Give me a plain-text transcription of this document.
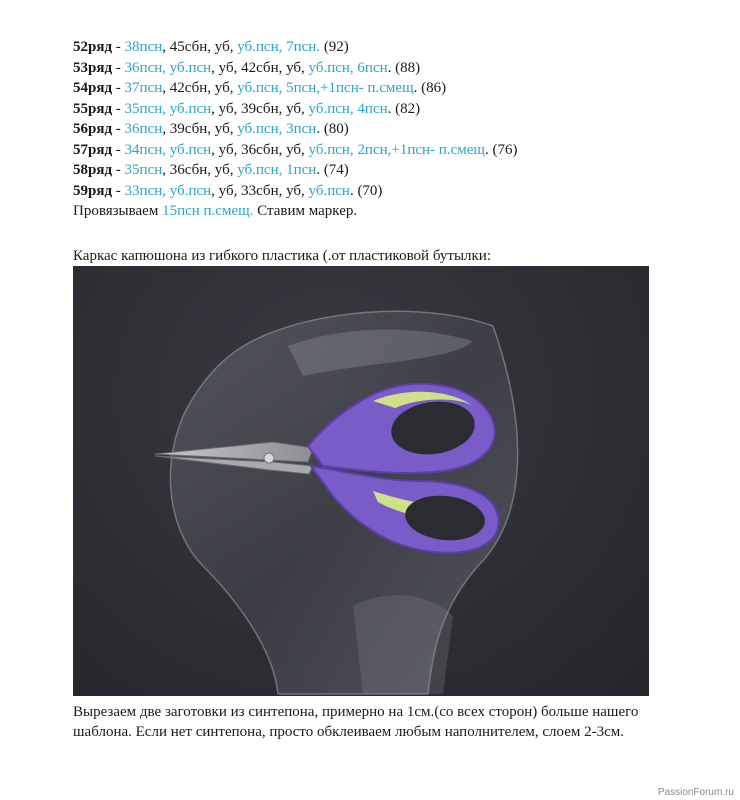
52ряд - 38псн, 45сбн, уб, уб.псн, 7псн. (92)
53ряд - 36псн, уб.псн, уб, 42сбн, уб, уб.псн, 6псн. (88)
54ряд - 37псн, 42сбн, уб, уб.псн, 5псн,+1псн- п.смещ. (86)
55ряд - 35псн, уб.псн, уб, 39сбн, уб, уб.псн, 4псн. (82)
56ряд - 36псн, 39сбн, уб, уб.псн, 3псн. (80)
57ряд - 34псн, уб.псн, уб, 36сбн, уб, уб.псн, 2псн,+1псн- п.смещ. (76)
58ряд - 35псн, 36сбн, уб, уб.псн, 1псн. (74)
59ряд - 33псн, уб.псн, уб, 33сбн, уб, уб.псн. (70)
Провязываем 15псн п.смещ. Ставим маркер.
Каркас капюшона из гибкого пластика (.от пластиковой бутылки:
Вырезаем две заготовки из синтепона, примерно на 1см.(со всех сторон) больше нашего шаблона. Если нет синтепона, просто обклеиваем любым наполнителем, слоем 2-3см.
PassionForum.ru
